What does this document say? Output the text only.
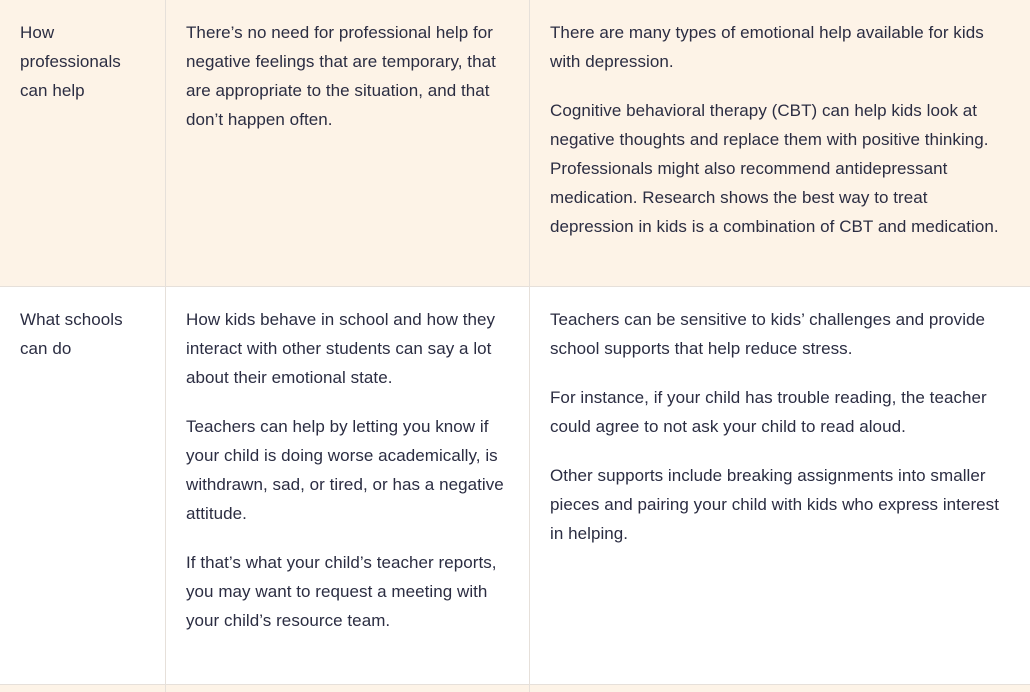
How professionals can help

There’s no need for professional help for negative feelings that are temporary, that are appropriate to the situation, and that don’t happen often.

There are many types of emotional help available for kids with depression.

Cognitive behavioral therapy (CBT) can help kids look at negative thoughts and replace them with positive thinking. Professionals might also recommend antidepressant medication. Research shows the best way to treat depression in kids is a combination of CBT and medication.

What schools can do

How kids behave in school and how they interact with other students can say a lot about their emotional state.

Teachers can help by letting you know if your child is doing worse academically, is withdrawn, sad, or tired, or has a negative attitude.

If that’s what your child’s teacher reports, you may want to request a meeting with your child’s resource team.

Teachers can be sensitive to kids’ challenges and provide school supports that help reduce stress.

For instance, if your child has trouble reading, the teacher could agree to not ask your child to read aloud.

Other supports include breaking assignments into smaller pieces and pairing your child with kids who express interest in helping.
